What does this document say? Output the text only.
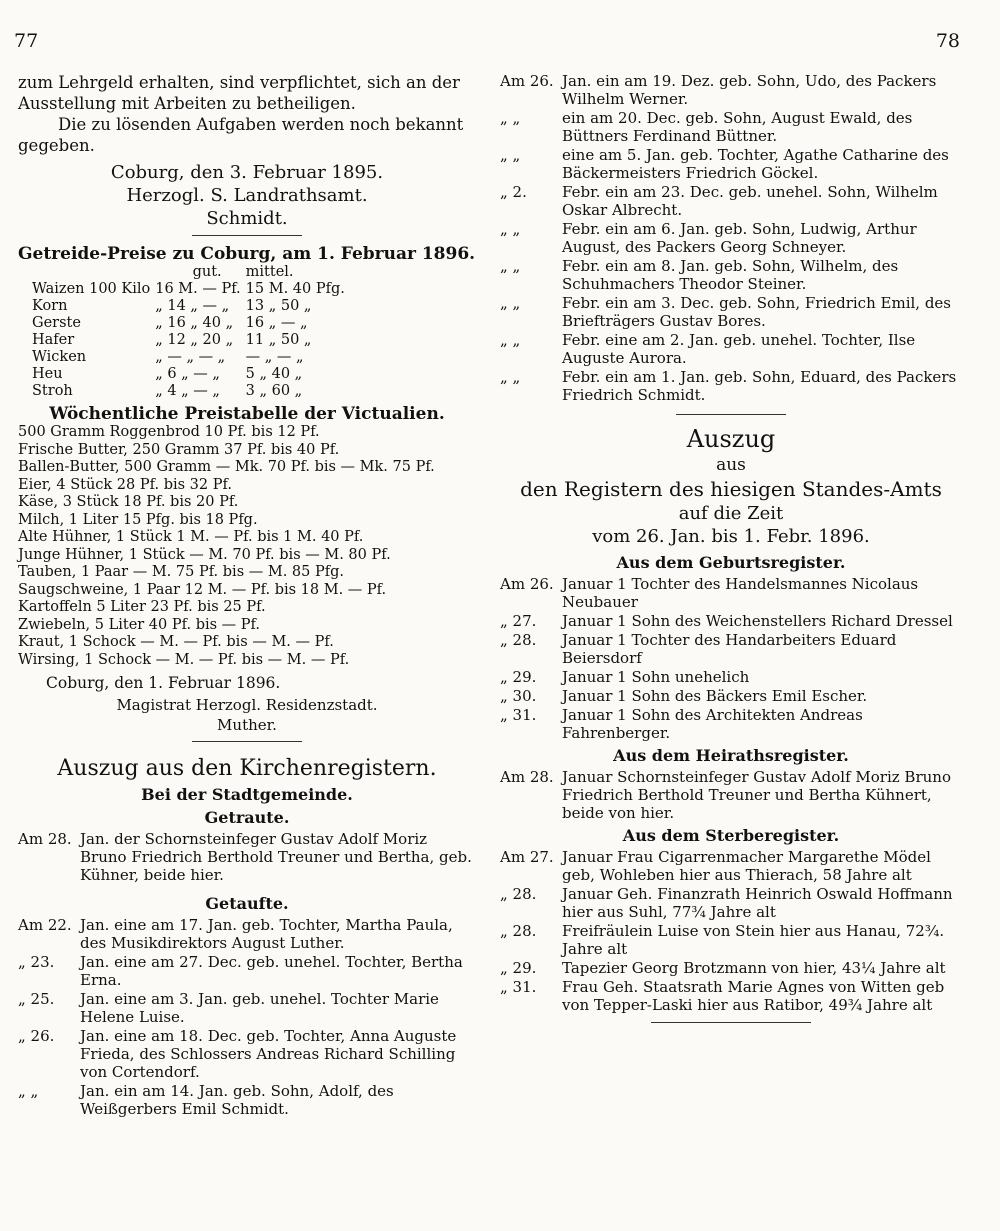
77	78

zum Lehrgeld erhalten, sind verpflichtet, sich an der Ausstellung mit Arbeiten zu betheiligen.

Die zu lösenden Aufgaben werden noch bekannt gegeben.

Coburg, den 3. Februar 1895.

Herzogl. S. Landrathsamt.

Schmidt.

Getreide-Preise zu Coburg, am 1. Februar 1896.
	gut.	mittel.
Waizen 100 Kilo	16 M. — Pf.	15 M. 40 Pfg.
Korn	„ 14 „ — „	13 „ 50 „
Gerste	„ 16 „ 40 „	16 „ — „
Hafer	„ 12 „ 20 „	11 „ 50 „
Wicken	„ — „ — „	— „ — „
Heu	„ 6 „ — „	5 „ 40 „
Stroh	„ 4 „ — „	3 „ 60 „
Wöchentliche Preistabelle der Victualien.

500 Gramm Roggenbrod 10 Pf. bis 12 Pf.

Frische Butter, 250 Gramm 37 Pf. bis 40 Pf.

Ballen-Butter, 500 Gramm — Mk. 70 Pf. bis — Mk. 75 Pf.

Eier, 4 Stück 28 Pf. bis 32 Pf.

Käse, 3 Stück 18 Pf. bis 20 Pf.

Milch, 1 Liter 15 Pfg. bis 18 Pfg.

Alte Hühner, 1 Stück 1 M. — Pf. bis 1 M. 40 Pf.

Junge Hühner, 1 Stück — M. 70 Pf. bis — M. 80 Pf.

Tauben, 1 Paar — M. 75 Pf. bis — M. 85 Pfg.

Saugschweine, 1 Paar 12 M. — Pf. bis 18 M. — Pf.

Kartoffeln 5 Liter 23 Pf. bis 25 Pf.

Zwiebeln, 5 Liter 40 Pf. bis — Pf.

Kraut, 1 Schock — M. — Pf. bis — M. — Pf.

Wirsing, 1 Schock — M. — Pf. bis — M. — Pf.

Coburg, den 1. Februar 1896.

Magistrat Herzogl. Residenzstadt.

Muther.

Auszug aus den Kirchenregistern.
Bei der Stadtgemeinde.
Getraute.

Am 28. Jan. der Schornsteinfeger Gustav Adolf Moriz Bruno Friedrich Berthold Treuner und Bertha, geb. Kühner, beide hier.

Getaufte.

Am 22. Jan. eine am 17. Jan. geb. Tochter, Martha Paula, des Musikdirektors August Luther.

„ 23. Jan. eine am 27. Dec. geb. unehel. Tochter, Bertha Erna.

„ 25. Jan. eine am 3. Jan. geb. unehel. Tochter Marie Helene Luise.

„ 26. Jan. eine am 18. Dec. geb. Tochter, Anna Auguste Frieda, des Schlossers Andreas Richard Schilling von Cortendorf.

„ „	Jan. ein am 14. Jan. geb. Sohn, Adolf, des Weißgerbers Emil Schmidt.

Am 26. Jan. ein am 19. Dez. geb. Sohn, Udo, des Packers Wilhelm Werner.

„ „	ein am 20. Dec. geb. Sohn, August Ewald, des Büttners Ferdinand Büttner.

„ „	eine am 5. Jan. geb. Tochter, Agathe Catharine des Bäckermeisters Friedrich Göckel.

„ 2. Febr. ein am 23. Dec. geb. unehel. Sohn, Wilhelm Oskar Albrecht.

„ „	Febr. ein am 6. Jan. geb. Sohn, Ludwig, Arthur August, des Packers Georg Schneyer.

„ „	Febr. ein am 8. Jan. geb. Sohn, Wilhelm, des Schuhmachers Theodor Steiner.

„ „	Febr. ein am 3. Dec. geb. Sohn, Friedrich Emil, des Briefträgers Gustav Bores.

„ „	Febr. eine am 2. Jan. geb. unehel. Tochter, Ilse Auguste Aurora.

„ „	Febr. ein am 1. Jan. geb. Sohn, Eduard, des Packers Friedrich Schmidt.

Auszug
aus
den Registern des hiesigen Standes-Amts
auf die Zeit
vom 26. Jan. bis 1. Febr. 1896.
Aus dem Geburtsregister.

Am 26. Januar 1 Tochter des Handelsmannes Nicolaus Neubauer

„ 27. Januar 1 Sohn des Weichenstellers Richard Dressel

„ 28. Januar 1 Tochter des Handarbeiters Eduard Beiersdorf

„ 29. Januar 1 Sohn unehelich

„ 30. Januar 1 Sohn des Bäckers Emil Escher.

„ 31. Januar 1 Sohn des Architekten Andreas Fahrenberger.

Aus dem Heirathsregister.

Am 28. Januar Schornsteinfeger Gustav Adolf Moriz Bruno Friedrich Berthold Treuner und Bertha Kühnert, beide von hier.

Aus dem Sterberegister.

Am 27. Januar Frau Cigarrenmacher Margarethe Mödel geb, Wohleben hier aus Thierach, 58 Jahre alt

„ 28. Januar Geh. Finanzrath Heinrich Oswald Hoffmann hier aus Suhl, 77¾ Jahre alt

„ 28. Freifräulein Luise von Stein hier aus Hanau, 72¾. Jahre alt

„ 29. Tapezier Georg Brotzmann von hier, 43¼ Jahre alt

„ 31. Frau Geh. Staatsrath Marie Agnes von Witten geb von Tepper-Laski hier aus Ratibor, 49¾ Jahre alt
